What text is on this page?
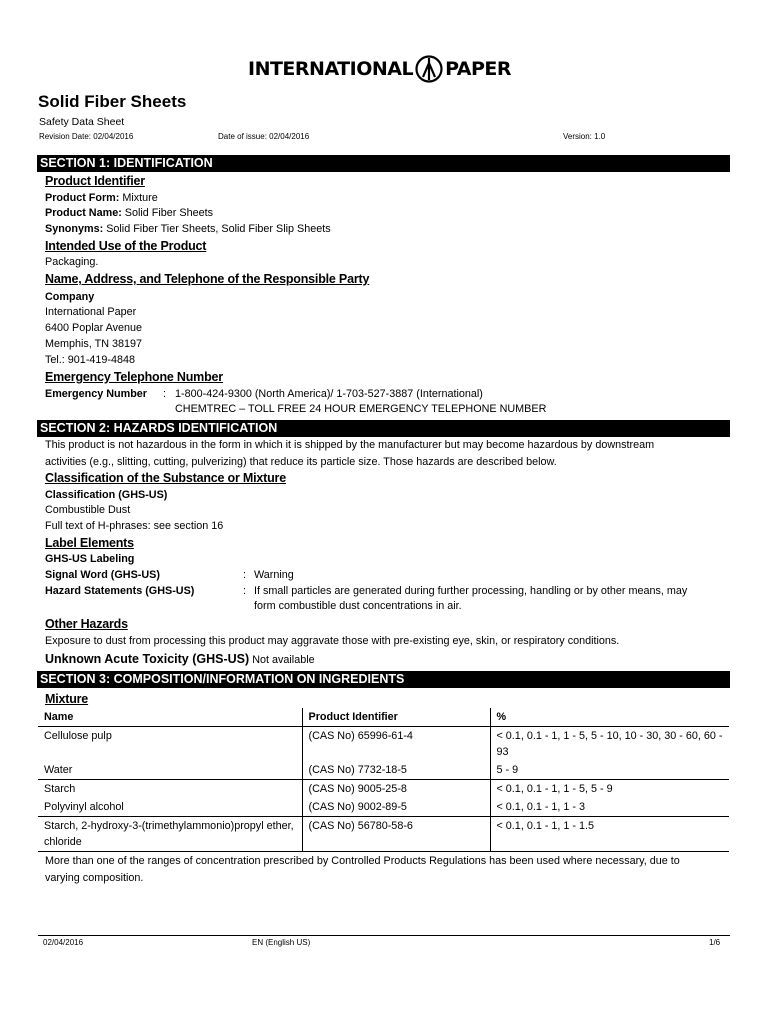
INTERNATIONAL PAPER
Solid Fiber Sheets
Safety Data Sheet
Revision Date: 02/04/2016	Date of issue: 02/04/2016	Version: 1.0
SECTION 1: IDENTIFICATION
Product Identifier
Product Form: Mixture
Product Name: Solid Fiber Sheets
Synonyms: Solid Fiber Tier Sheets, Solid Fiber Slip Sheets
Intended Use of the Product
Packaging.
Name, Address, and Telephone of the Responsible Party
Company
International Paper
6400 Poplar Avenue
Memphis, TN 38197
Tel.: 901-419-4848
Emergency Telephone Number
Emergency Number : 1-800-424-9300 (North America)/ 1-703-527-3887 (International)
CHEMTREC – TOLL FREE 24 HOUR EMERGENCY TELEPHONE NUMBER
SECTION 2: HAZARDS IDENTIFICATION
This product is not hazardous in the form in which it is shipped by the manufacturer but may become hazardous by downstream
activities (e.g., slitting, cutting, pulverizing) that reduce its particle size. Those hazards are described below.
Classification of the Substance or Mixture
Classification (GHS-US)
Combustible Dust
Full text of H-phrases: see section 16
Label Elements
GHS-US Labeling
Signal Word (GHS-US)	: Warning
Hazard Statements (GHS-US)	: If small particles are generated during further processing, handling or by other means, may
form combustible dust concentrations in air.
Other Hazards
Exposure to dust from processing this product may aggravate those with pre-existing eye, skin, or respiratory conditions.
Unknown Acute Toxicity (GHS-US) Not available
SECTION 3: COMPOSITION/INFORMATION ON INGREDIENTS
Mixture
Name	Product Identifier	%
Cellulose pulp	(CAS No) 65996-61-4	< 0.1, 0.1 - 1, 1 - 5, 5 - 10, 10 - 30, 30 - 60, 60 - 93
Water	(CAS No) 7732-18-5	5 - 9
Starch	(CAS No) 9005-25-8	< 0.1, 0.1 - 1, 1 - 5, 5 - 9
Polyvinyl alcohol	(CAS No) 9002-89-5	< 0.1, 0.1 - 1, 1 - 3
Starch, 2-hydroxy-3-(trimethylammonio)propyl ether, chloride	(CAS No) 56780-58-6	< 0.1, 0.1 - 1, 1 - 1.5
More than one of the ranges of concentration prescribed by Controlled Products Regulations has been used where necessary, due to
varying composition.
02/04/2016	EN (English US)	1/6
